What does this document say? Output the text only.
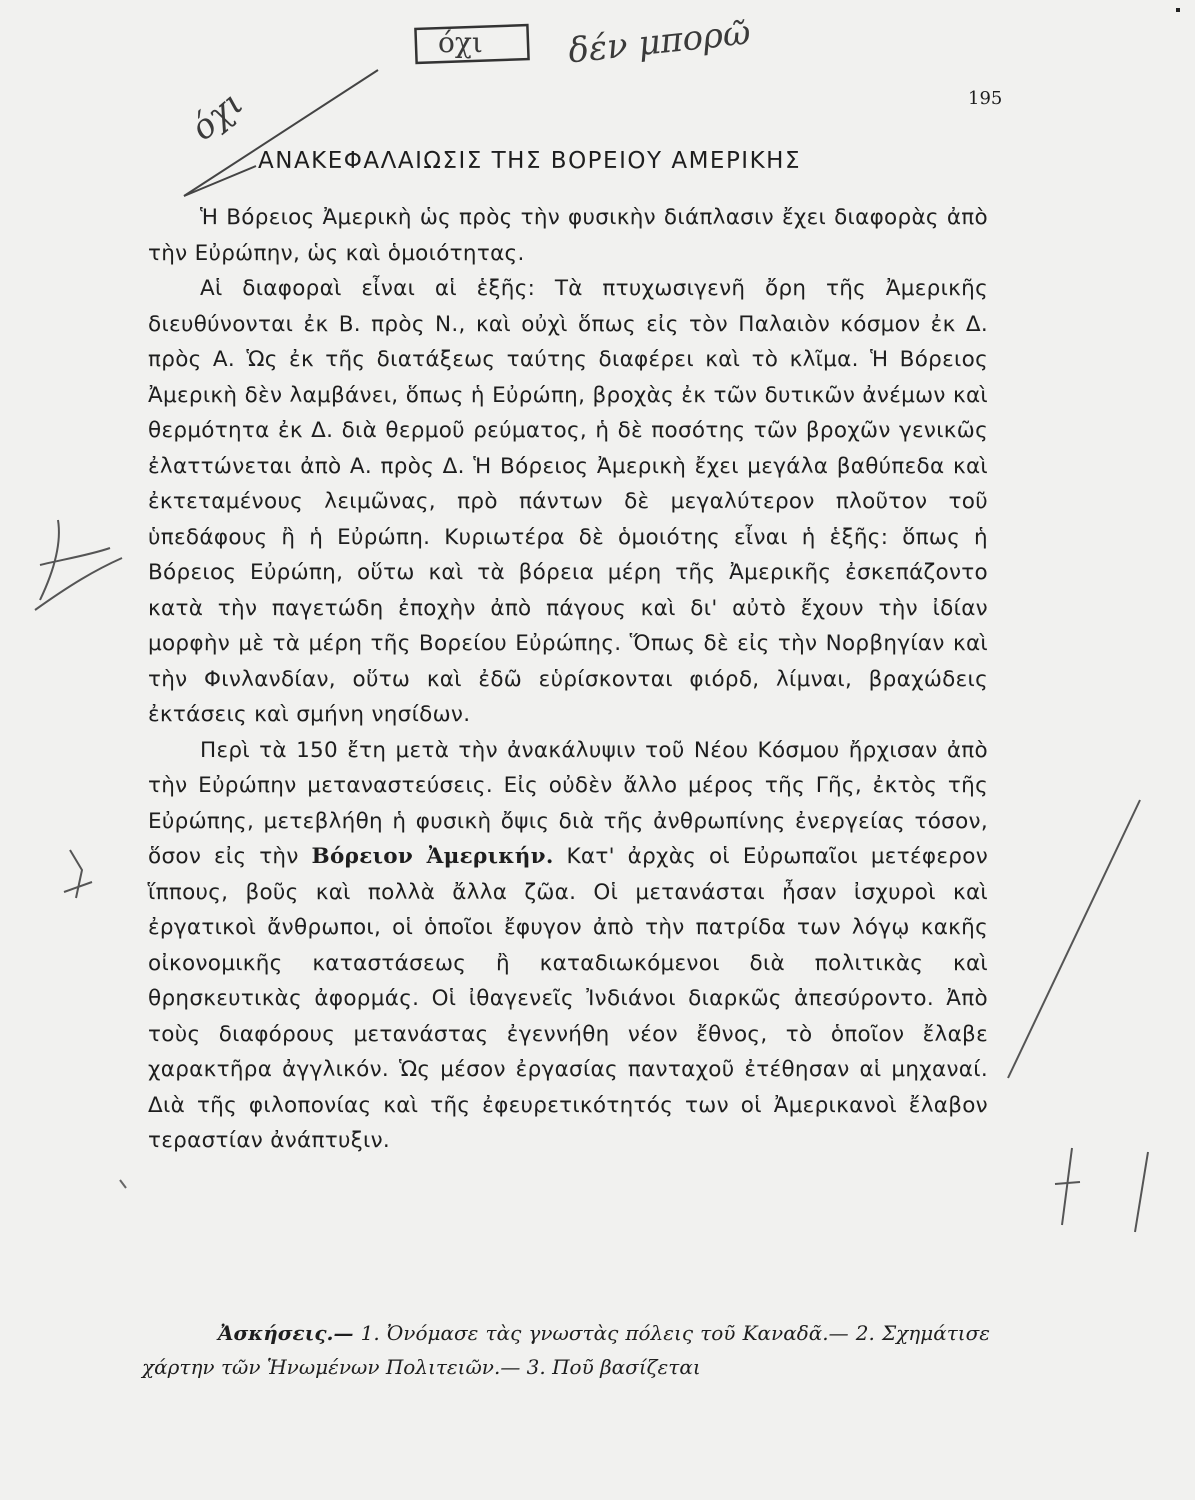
όχι δέν μπορῶ
όχι	195
ΑΝΑΚΕΦΑΛΑΙΩΣΙΣ ΤΗΣ ΒΟΡΕΙΟΥ ΑΜΕΡΙΚΗΣ

Ἡ Βόρειος Ἀμερικὴ ὡς πρὸς τὴν φυσικὴν διάπλασιν ἔχει διαφορὰς ἀπὸ τὴν Εὐρώπην, ὡς καὶ ὁμοιότητας.

Αἱ διαφοραὶ εἶναι αἱ ἑξῆς: Τὰ πτυχωσιγενῆ ὄρη τῆς Ἀμερικῆς διευθύνονται ἐκ Β. πρὸς Ν., καὶ οὐχὶ ὅπως εἰς τὸν Παλαιὸν κόσμον ἐκ Δ. πρὸς Α. Ὡς ἐκ τῆς διατάξεως ταύτης διαφέρει καὶ τὸ κλῖμα. Ἡ Βόρειος Ἀμερικὴ δὲν λαμβάνει, ὅπως ἡ Εὐρώπη, βροχὰς ἐκ τῶν δυτικῶν ἀνέμων καὶ θερμότητα ἐκ Δ. διὰ θερμοῦ ρεύματος, ἡ δὲ ποσότης τῶν βροχῶν γενικῶς ἐλαττώνεται ἀπὸ Α. πρὸς Δ. Ἡ Βόρειος Ἀμερικὴ ἔχει μεγάλα βαθύπεδα καὶ ἐκτεταμένους λειμῶνας, πρὸ πάντων δὲ μεγαλύτερον πλοῦτον τοῦ ὑπεδάφους ἢ ἡ Εὐρώπη. Κυριωτέρα δὲ ὁμοιότης εἶναι ἡ ἑξῆς: ὅπως ἡ Βόρειος Εὐρώπη, οὕτω καὶ τὰ βόρεια μέρη τῆς Ἀμερικῆς ἐσκεπάζοντο κατὰ τὴν παγετώδη ἐποχὴν ἀπὸ πάγους καὶ δι' αὐτὸ ἔχουν τὴν ἰδίαν μορφὴν μὲ τὰ μέρη τῆς Βορείου Εὐρώπης. Ὅπως δὲ εἰς τὴν Νορβηγίαν καὶ τὴν Φινλανδίαν, οὕτω καὶ ἐδῶ εὑρίσκονται φιόρδ, λίμναι, βραχώδεις ἐκτάσεις καὶ σμήνη νησίδων.

Περὶ τὰ 150 ἔτη μετὰ τὴν ἀνακάλυψιν τοῦ Νέου Κόσμου ἤρχισαν ἀπὸ τὴν Εὐρώπην μεταναστεύσεις. Εἰς οὐδὲν ἄλλο μέρος τῆς Γῆς, ἐκτὸς τῆς Εὐρώπης, μετεβλήθη ἡ φυσικὴ ὄψις διὰ τῆς ἀνθρωπίνης ἐνεργείας τόσον, ὅσον εἰς τὴν Βόρειον Ἀμερικήν. Κατ' ἀρχὰς οἱ Εὐρωπαῖοι μετέφερον ἵππους, βοῦς καὶ πολλὰ ἄλλα ζῶα. Οἱ μετανάσται ἦσαν ἰσχυροὶ καὶ ἐργατικοὶ ἄνθρωποι, οἱ ὁποῖοι ἔφυγον ἀπὸ τὴν πατρίδα των λόγῳ κακῆς οἰκονομικῆς καταστάσεως ἢ καταδιωκόμενοι διὰ πολιτικὰς καὶ θρησκευτικὰς ἀφορμάς. Οἱ ἰθαγενεῖς Ἰνδιάνοι διαρκῶς ἀπεσύροντο. Ἀπὸ τοὺς διαφόρους μετανάστας ἐγεννήθη νέον ἔθνος, τὸ ὁποῖον ἔλαβε χαρακτῆρα ἀγγλικόν. Ὡς μέσον ἐργασίας πανταχοῦ ἐτέθησαν αἱ μηχαναί. Διὰ τῆς φιλοπονίας καὶ τῆς ἐφευρετικότητός των οἱ Ἀμερικανοὶ ἔλαβον τεραστίαν ἀνάπτυξιν.

Ἀσκήσεις.— 1. Ὀνόμασε τὰς γνωστὰς πόλεις τοῦ Καναδᾶ.— 2. Σχημάτισε χάρτην τῶν Ἡνωμένων Πολιτειῶν.— 3. Ποῦ βασίζεται
